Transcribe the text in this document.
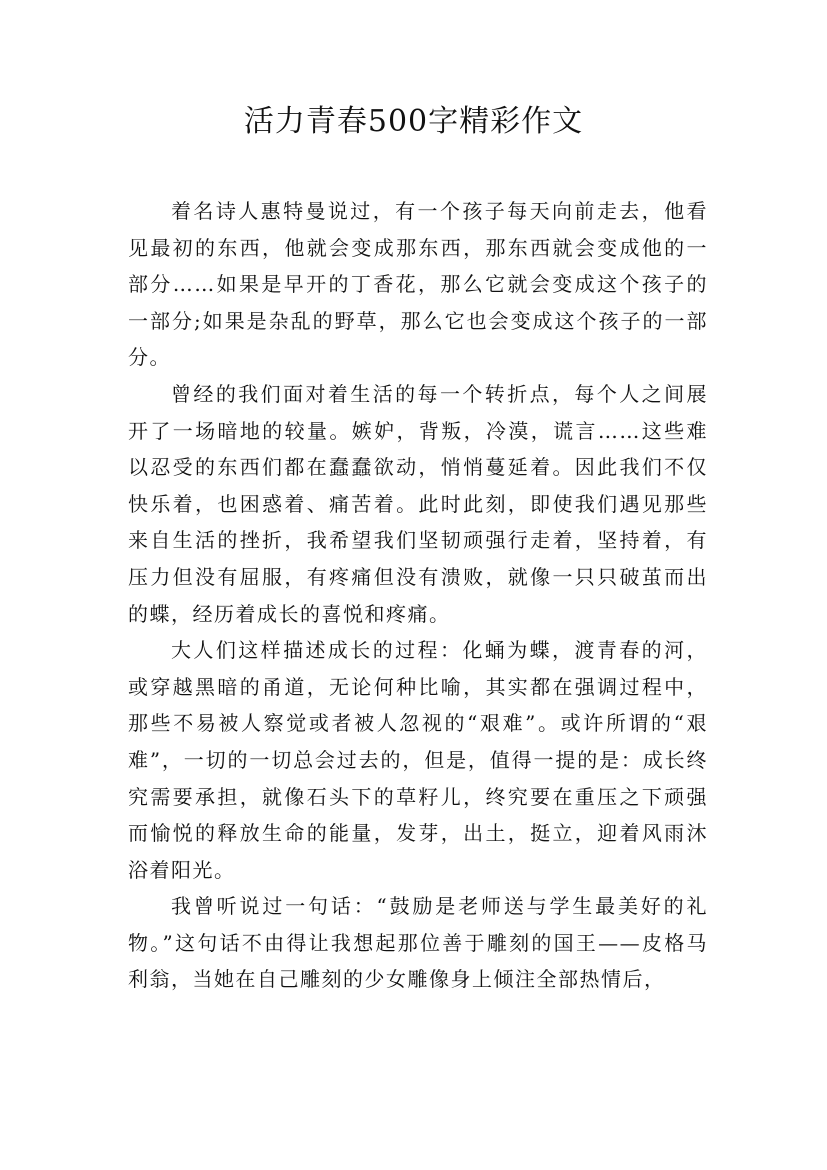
活力青春500字精彩作文

着名诗人惠特曼说过，有一个孩子每天向前走去，他看见最初的东西，他就会变成那东西，那东西就会变成他的一部分……如果是早开的丁香花，那么它就会变成这个孩子的一部分;如果是杂乱的野草，那么它也会变成这个孩子的一部分。

曾经的我们面对着生活的每一个转折点，每个人之间展开了一场暗地的较量。嫉妒，背叛，冷漠，谎言……这些难以忍受的东西们都在蠢蠢欲动，悄悄蔓延着。因此我们不仅快乐着，也困惑着、痛苦着。此时此刻，即使我们遇见那些来自生活的挫折，我希望我们坚韧顽强行走着，坚持着，有压力但没有屈服，有疼痛但没有溃败，就像一只只破茧而出的蝶，经历着成长的喜悦和疼痛。

大人们这样描述成长的过程：化蛹为蝶，渡青春的河，或穿越黑暗的甬道，无论何种比喻，其实都在强调过程中，那些不易被人察觉或者被人忽视的“艰难”。或许所谓的“艰难”，一切的一切总会过去的，但是，值得一提的是：成长终究需要承担，就像石头下的草籽儿，终究要在重压之下顽强而愉悦的释放生命的能量，发芽，出土，挺立，迎着风雨沐浴着阳光。

我曾听说过一句话：“鼓励是老师送与学生最美好的礼物。”这句话不由得让我想起那位善于雕刻的国王——皮格马利翁，当她在自己雕刻的少女雕像身上倾注全部热情后，
